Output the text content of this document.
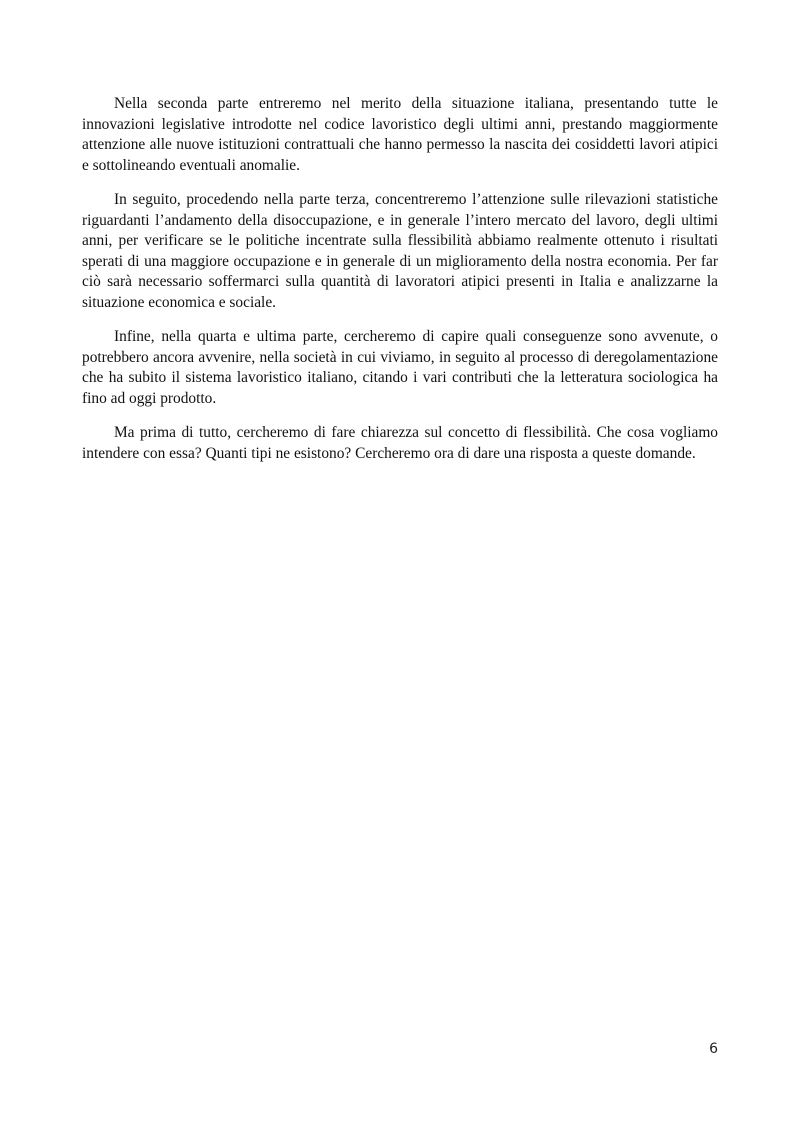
Nella seconda parte entreremo nel merito della situazione italiana, presentando tutte le innovazioni legislative introdotte nel codice lavoristico degli ultimi anni, prestando maggiormente attenzione alle nuove istituzioni contrattuali che hanno permesso la nascita dei cosiddetti lavori atipici e sottolineando eventuali anomalie.

In seguito, procedendo nella parte terza, concentreremo l’attenzione sulle rilevazioni statistiche riguardanti l’andamento della disoccupazione, e in generale l’intero mercato del lavoro, degli ultimi anni, per verificare se le politiche incentrate sulla flessibilità abbiamo realmente ottenuto i risultati sperati di una maggiore occupazione e in generale di un miglioramento della nostra economia. Per far ciò sarà necessario soffermarci sulla quantità di lavoratori atipici presenti in Italia e analizzarne la situazione economica e sociale.

Infine, nella quarta e ultima parte, cercheremo di capire quali conseguenze sono avvenute, o potrebbero ancora avvenire, nella società in cui viviamo, in seguito al processo di deregolamentazione che ha subito il sistema lavoristico italiano, citando i vari contributi che la letteratura sociologica ha fino ad oggi prodotto.

Ma prima di tutto, cercheremo di fare chiarezza sul concetto di flessibilità. Che cosa vogliamo intendere con essa? Quanti tipi ne esistono? Cercheremo ora di dare una risposta a queste domande.

6
